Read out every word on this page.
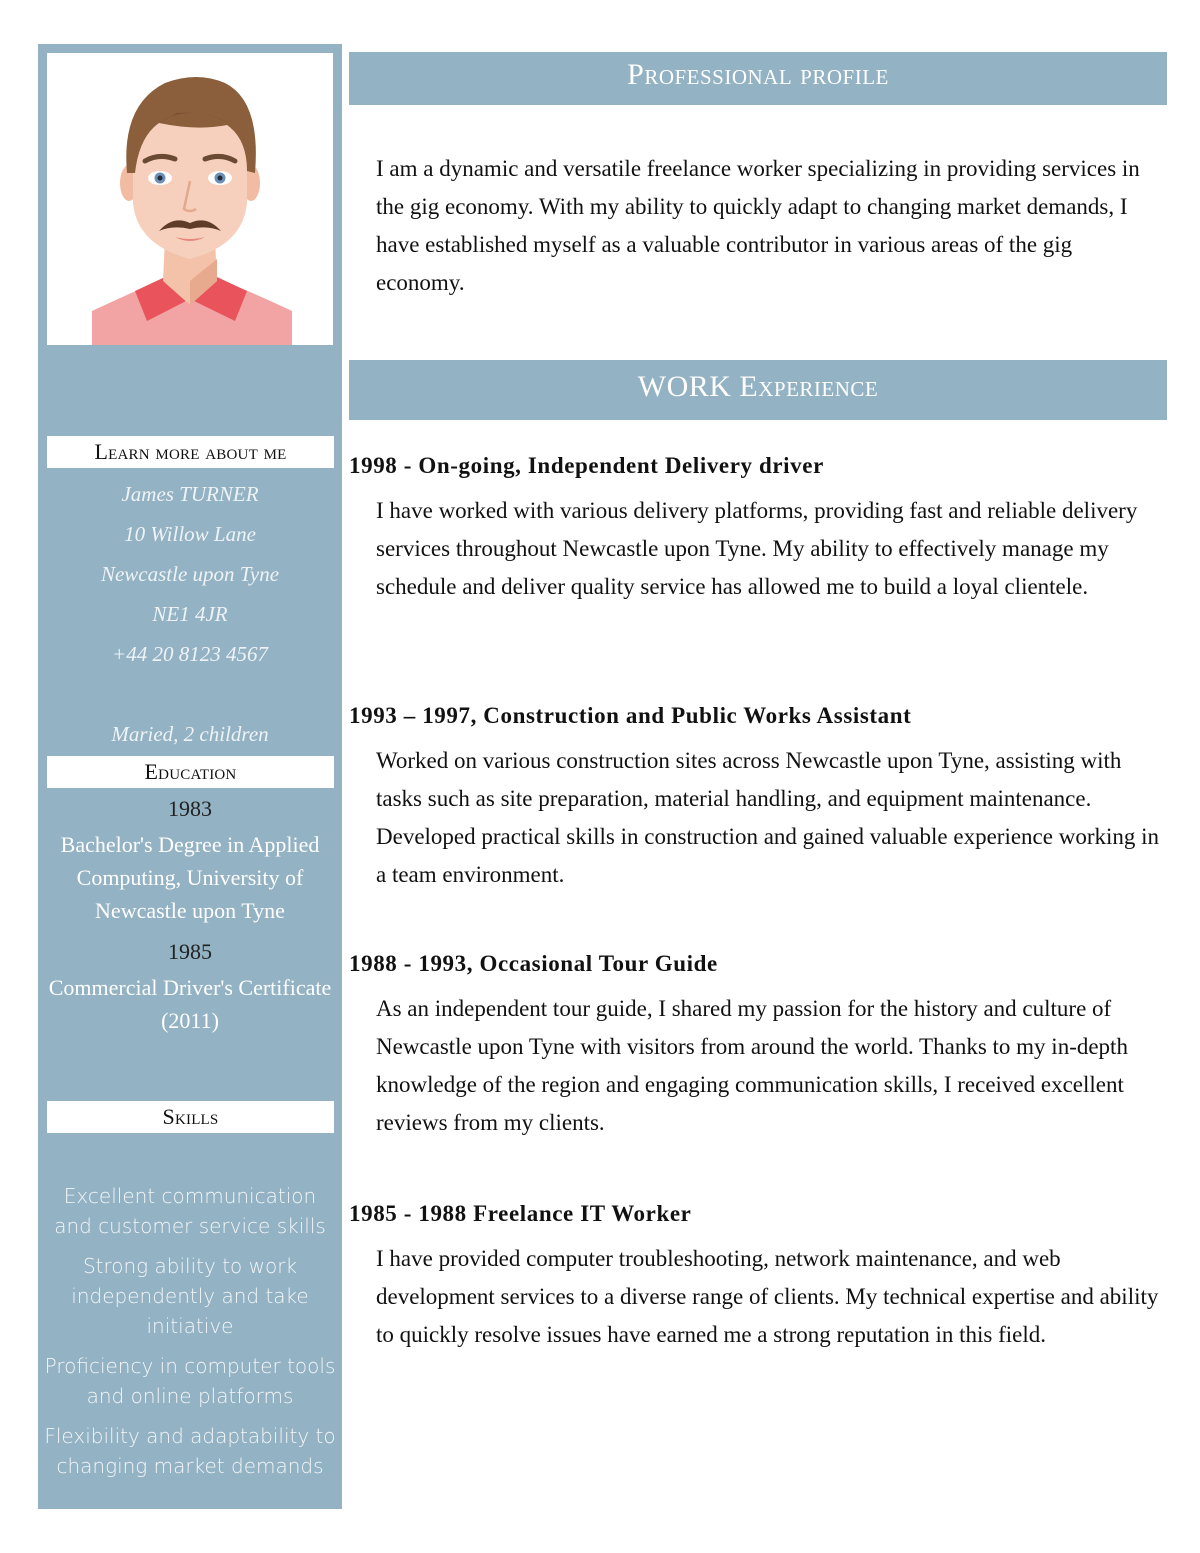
Learn more about me
James TURNER
10 Willow Lane
Newcastle upon Tyne
NE1 4JR
+44 20 8123 4567
Maried, 2 children
Education
1983
Bachelor's Degree in Applied Computing, University of Newcastle upon Tyne
1985
Commercial Driver's Certificate (2011)
Skills
Excellent communication and customer service skills
Strong ability to work independently and take initiative
Proficiency in computer tools and online platforms
Flexibility and adaptability to changing market demands
Professional profile
I am a dynamic and versatile freelance worker specializing in providing services in the gig economy. With my ability to quickly adapt to changing market demands, I have established myself as a valuable contributor in various areas of the gig economy.
WORK Experience
1998 - On-going, Independent Delivery driver
I have worked with various delivery platforms, providing fast and reliable delivery services throughout Newcastle upon Tyne. My ability to effectively manage my schedule and deliver quality service has allowed me to build a loyal clientele.
1993 – 1997, Construction and Public Works Assistant
Worked on various construction sites across Newcastle upon Tyne, assisting with tasks such as site preparation, material handling, and equipment maintenance. Developed practical skills in construction and gained valuable experience working in a team environment.
1988 - 1993, Occasional Tour Guide
As an independent tour guide, I shared my passion for the history and culture of Newcastle upon Tyne with visitors from around the world. Thanks to my in-depth knowledge of the region and engaging communication skills, I received excellent reviews from my clients.
1985 - 1988 Freelance IT Worker
I have provided computer troubleshooting, network maintenance, and web development services to a diverse range of clients. My technical expertise and ability to quickly resolve issues have earned me a strong reputation in this field.
